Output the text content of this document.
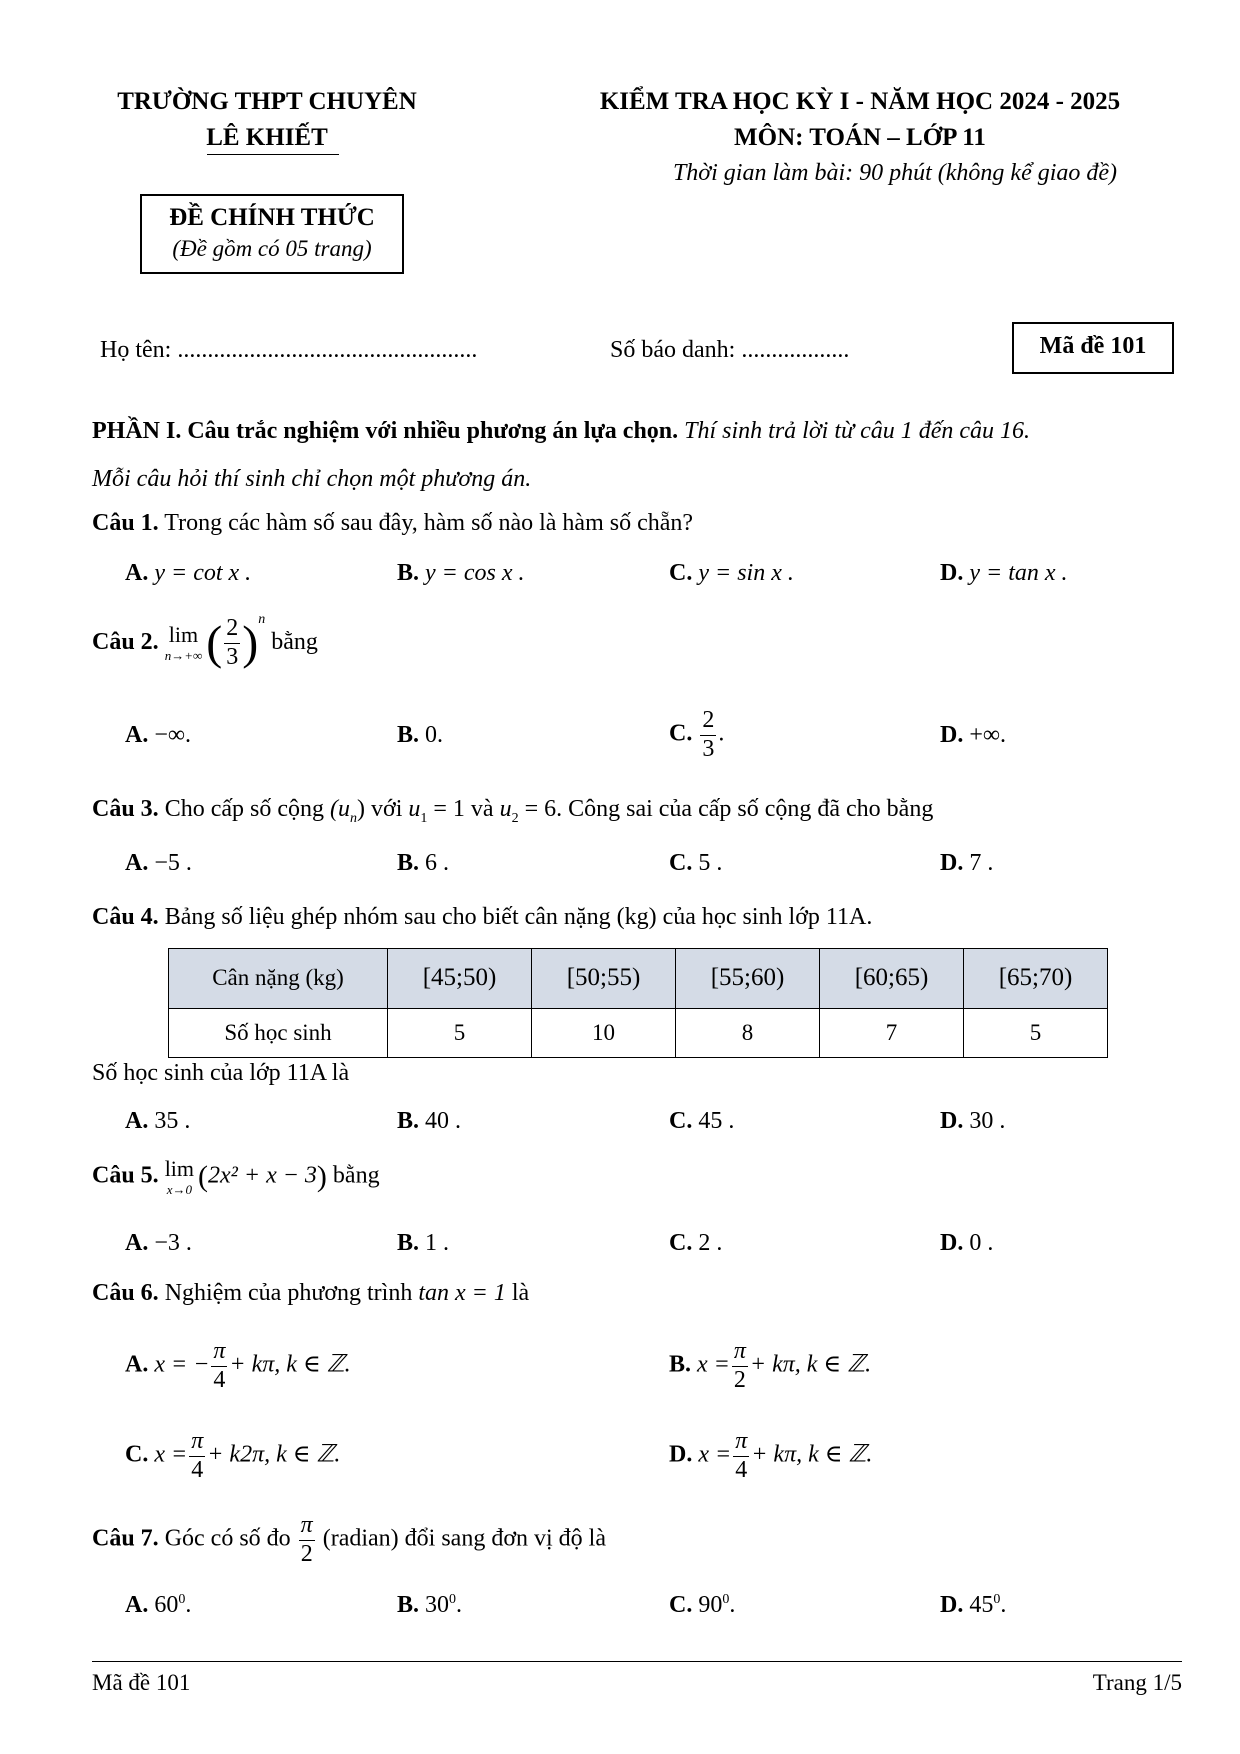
TRƯỜNG THPT CHUYÊN
LÊ KHIẾT
KIỂM TRA HỌC KỲ I - NĂM HỌC 2024 - 2025
MÔN: TOÁN – LỚP 11
Thời gian làm bài: 90 phút (không kể giao đề)
ĐỀ CHÍNH THỨC
(Đề gồm có 05 trang)
Họ tên: ..................................................	Số báo danh: ..................	Mã đề 101
PHẦN I. Câu trắc nghiệm với nhiều phương án lựa chọn. Thí sinh trả lời từ câu 1 đến câu 16.
Mỗi câu hỏi thí sinh chỉ chọn một phương án.
Câu 1. Trong các hàm số sau đây, hàm số nào là hàm số chẵn?
A. y = cot x .	B. y = cos x .	C. y = sin x .	D. y = tan x .
Câu 2. lim
n→+∞ ( $\frac{2}{3} )^n$ bằng
A. −∞.	B. 0.	C. $\frac{2}{3}$ .	D. +∞.
Câu 3. Cho cấp số cộng $(u_n)$ với $u_1 = 1$ và $u_2 = 6$. Công sai của cấp số cộng đã cho bằng
A. −5 .	B. 6 .	C. 5 .	D. 7 .
Câu 4. Bảng số liệu ghép nhóm sau cho biết cân nặng (kg) của học sinh lớp 11A.
Cân nặng (kg)	[45;50)	[50;55)	[55;60)	[60;65)	[65;70)
Số học sinh	5	10	8	7	5
Số học sinh của lớp 11A là
A. 35 .	B. 40 .	C. 45 .	D. 30 .
Câu 5. lim
x→0 (2x² + x − 3) bằng
A. −3 .	B. 1 .	C. 2 .	D. 0 .
Câu 6. Nghiệm của phương trình tan x = 1 là
A. x = − $\frac{\pi}{4} + k\pi$, k ∈ ℤ.	B. $x = \frac{\pi}{2} + k\pi$, k ∈ ℤ.
C. $x = \frac{\pi}{4} + k2\pi$, k ∈ ℤ.	D. $x = \frac{\pi}{4} + k\pi$, k ∈ ℤ.
Câu 7. Góc có số đo $\frac{\pi}{2}$ (radian) đổi sang đơn vị độ là
A. $60^0$.	B. $30^0$.	C. $90^0$.	D. $45^0$.
Mã đề 101	Trang 1/5
